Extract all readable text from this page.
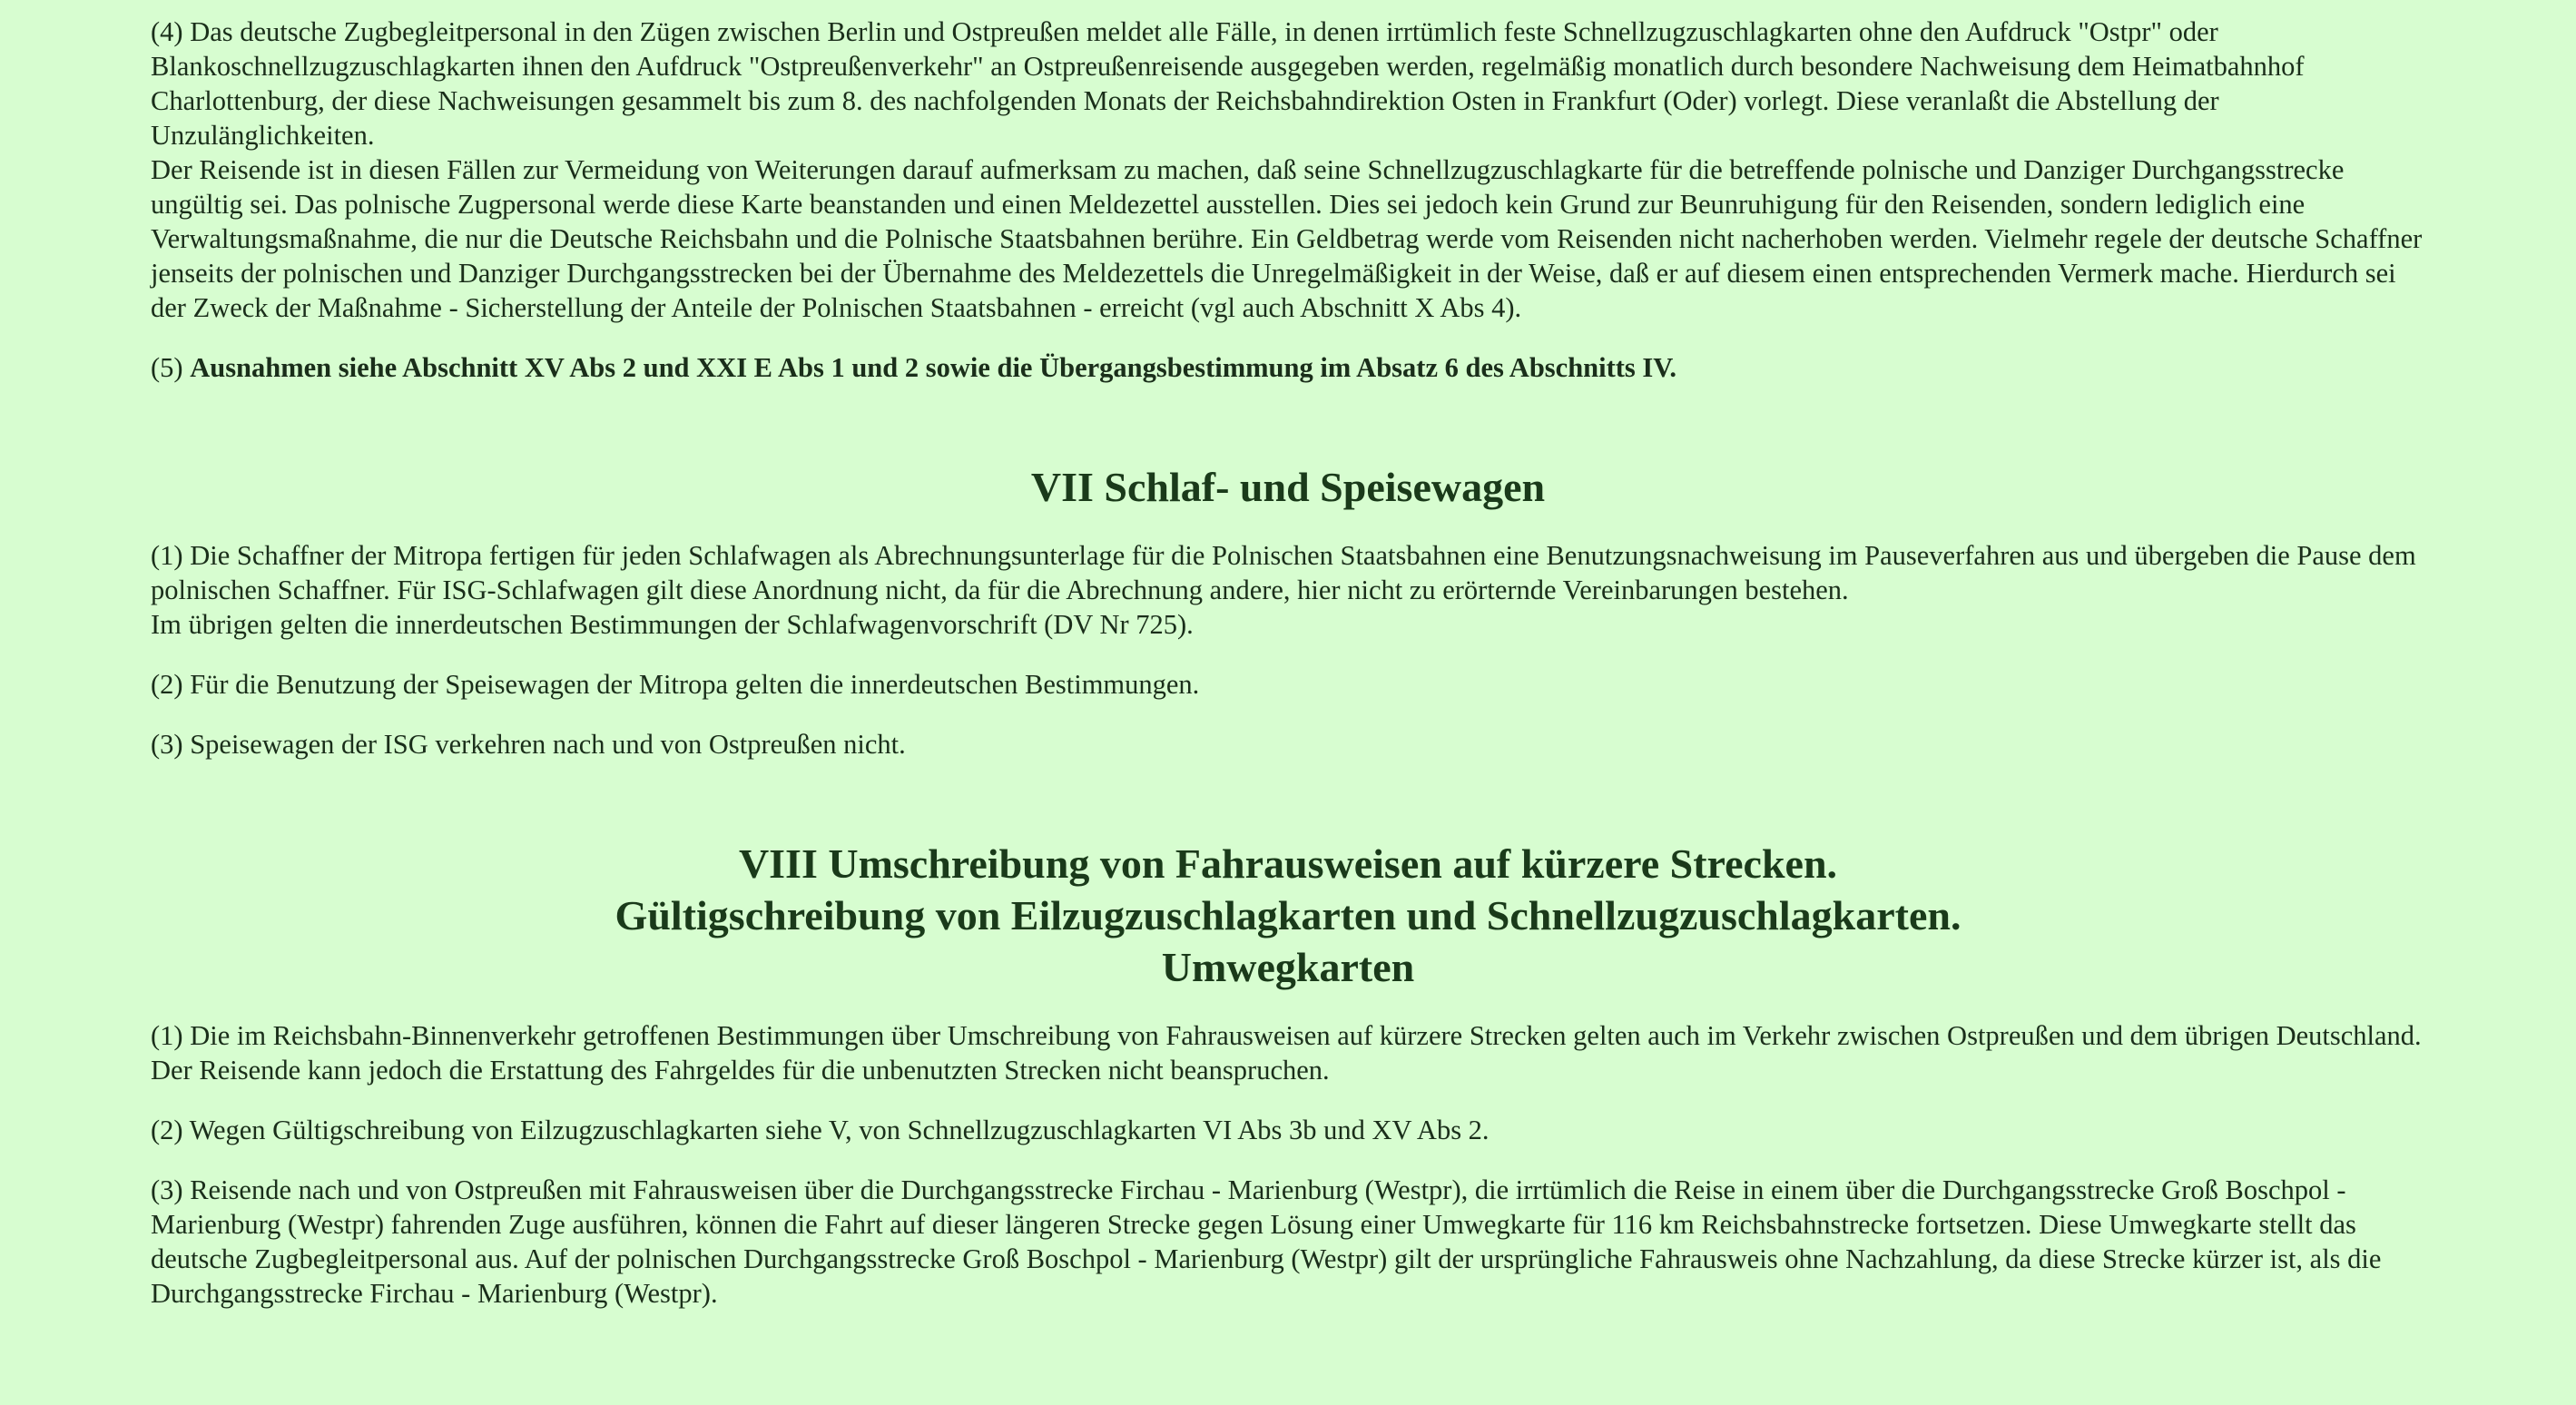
(4) Das deutsche Zugbegleitpersonal in den Zügen zwischen Berlin und Ostpreußen meldet alle Fälle, in denen irrtümlich feste Schnellzugzuschlagkarten ohne den Aufdruck "Ostpr" oder Blankoschnellzugzuschlagkarten ihnen den Aufdruck "Ostpreußenverkehr" an Ostpreußenreisende ausgegeben werden, regelmäßig monatlich durch besondere Nachweisung dem Heimatbahnhof Charlottenburg, der diese Nachweisungen gesammelt bis zum 8. des nachfolgenden Monats der Reichsbahndirektion Osten in Frankfurt (Oder) vorlegt. Diese veranlaßt die Abstellung der Unzulänglichkeiten.

Der Reisende ist in diesen Fällen zur Vermeidung von Weiterungen darauf aufmerksam zu machen, daß seine Schnellzugzuschlagkarte für die betreffende polnische und Danziger Durchgangsstrecke ungültig sei. Das polnische Zugpersonal werde diese Karte beanstanden und einen Meldezettel ausstellen. Dies sei jedoch kein Grund zur Beunruhigung für den Reisenden, sondern lediglich eine Verwaltungsmaßnahme, die nur die Deutsche Reichsbahn und die Polnische Staatsbahnen berühre. Ein Geldbetrag werde vom Reisenden nicht nacherhoben werden. Vielmehr regele der deutsche Schaffner jenseits der polnischen und Danziger Durchgangsstrecken bei der Übernahme des Meldezettels die Unregelmäßigkeit in der Weise, daß er auf diesem einen entsprechenden Vermerk mache. Hierdurch sei der Zweck der Maßnahme - Sicherstellung der Anteile der Polnischen Staatsbahnen - erreicht (vgl auch Abschnitt X Abs 4).

(5) Ausnahmen siehe Abschnitt XV Abs 2 und XXI E Abs 1 und 2 sowie die Übergangsbestimmung im Absatz 6 des Abschnitts IV.

VII Schlaf- und Speisewagen

(1) Die Schaffner der Mitropa fertigen für jeden Schlafwagen als Abrechnungsunterlage für die Polnischen Staatsbahnen eine Benutzungsnachweisung im Pauseverfahren aus und übergeben die Pause dem polnischen Schaffner. Für ISG-Schlafwagen gilt diese Anordnung nicht, da für die Abrechnung andere, hier nicht zu erörternde Vereinbarungen bestehen.

Im übrigen gelten die innerdeutschen Bestimmungen der Schlafwagenvorschrift (DV Nr 725).

(2) Für die Benutzung der Speisewagen der Mitropa gelten die innerdeutschen Bestimmungen.

(3) Speisewagen der ISG verkehren nach und von Ostpreußen nicht.

VIII Umschreibung von Fahrausweisen auf kürzere Strecken.
Gültigschreibung von Eilzugzuschlagkarten und Schnellzugzuschlagkarten.
Umwegkarten

(1) Die im Reichsbahn-Binnenverkehr getroffenen Bestimmungen über Umschreibung von Fahrausweisen auf kürzere Strecken gelten auch im Verkehr zwischen Ostpreußen und dem übrigen Deutschland. Der Reisende kann jedoch die Erstattung des Fahrgeldes für die unbenutzten Strecken nicht beanspruchen.

(2) Wegen Gültigschreibung von Eilzugzuschlagkarten siehe V, von Schnellzugzuschlagkarten VI Abs 3b und XV Abs 2.

(3) Reisende nach und von Ostpreußen mit Fahrausweisen über die Durchgangsstrecke Firchau - Marienburg (Westpr), die irrtümlich die Reise in einem über die Durchgangsstrecke Groß Boschpol - Marienburg (Westpr) fahrenden Zuge ausführen, können die Fahrt auf dieser längeren Strecke gegen Lösung einer Umwegkarte für 116 km Reichsbahnstrecke fortsetzen. Diese Umwegkarte stellt das deutsche Zugbegleitpersonal aus. Auf der polnischen Durchgangsstrecke Groß Boschpol - Marienburg (Westpr) gilt der ursprüngliche Fahrausweis ohne Nachzahlung, da diese Strecke kürzer ist, als die Durchgangsstrecke Firchau - Marienburg (Westpr).
